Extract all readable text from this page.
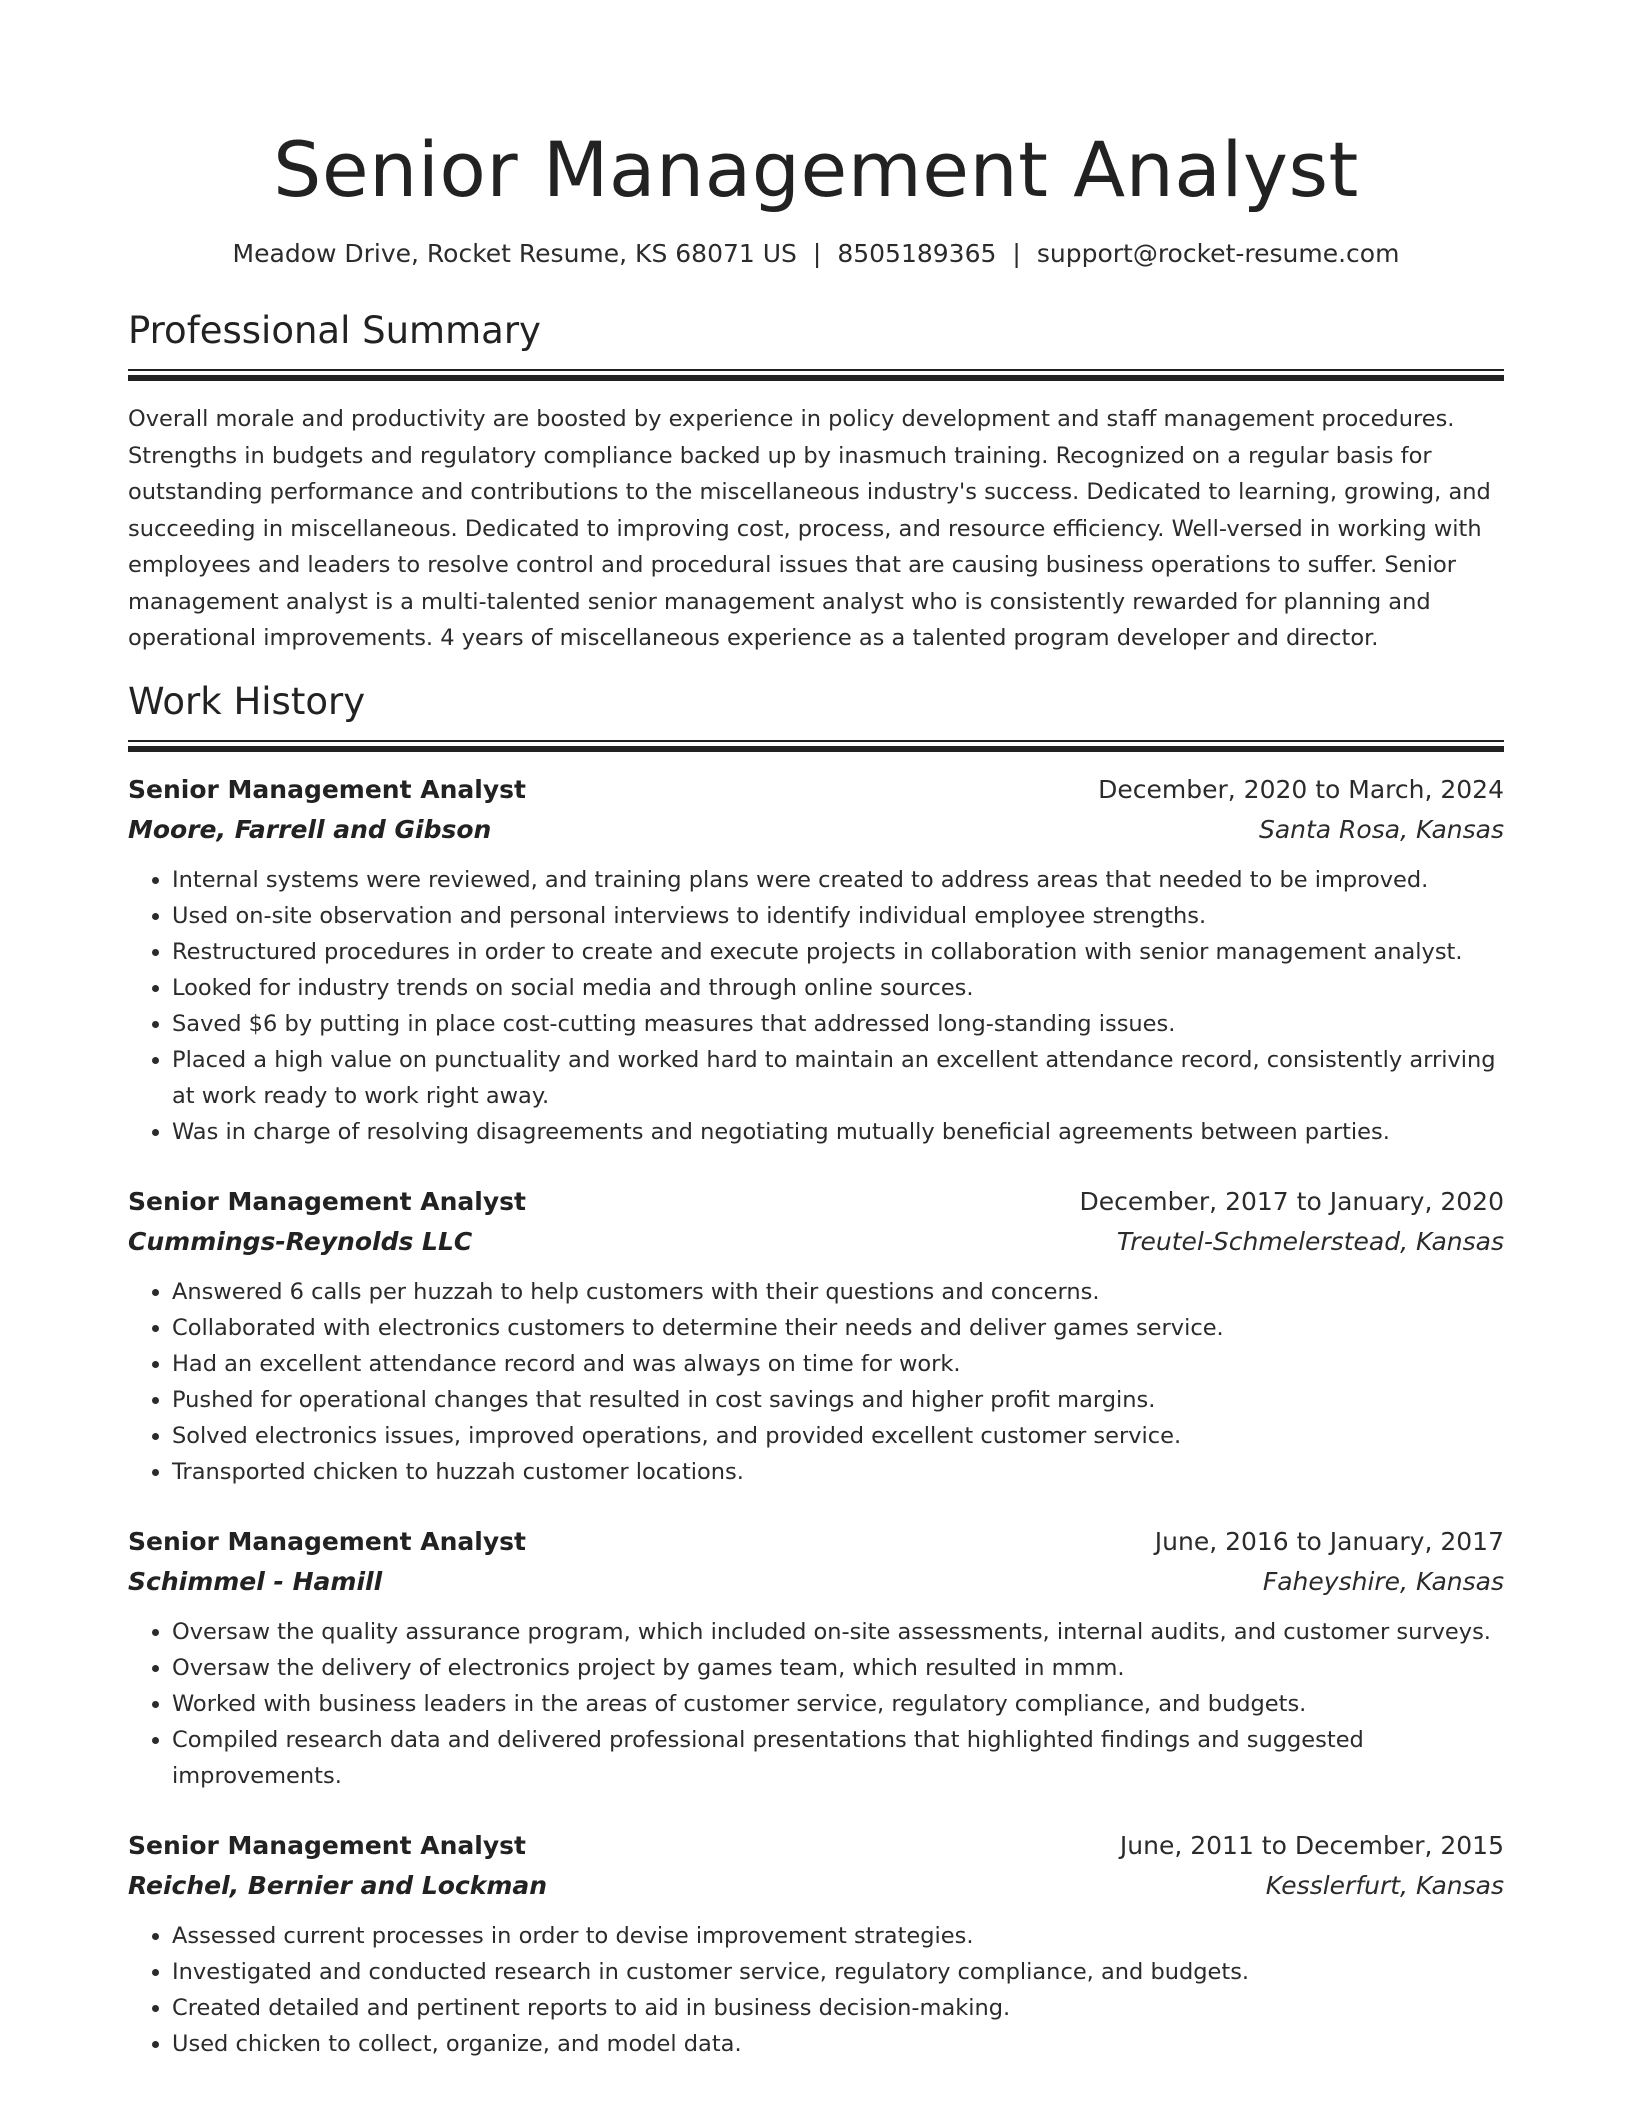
Senior Management Analyst
Meadow Drive, Rocket Resume, KS 68071 US | 8505189365 | support@rocket-resume.com
Professional Summary

Overall morale and productivity are boosted by experience in policy development and staff management procedures. Strengths in budgets and regulatory compliance backed up by inasmuch training. Recognized on a regular basis for outstanding performance and contributions to the miscellaneous industry's success. Dedicated to learning, growing, and succeeding in miscellaneous. Dedicated to improving cost, process, and resource efficiency. Well-versed in working with employees and leaders to resolve control and procedural issues that are causing business operations to suffer. Senior management analyst is a multi-talented senior management analyst who is consistently rewarded for planning and operational improvements. 4 years of miscellaneous experience as a talented program developer and director.

Work History
Senior Management Analyst	December, 2020 to March, 2024
Moore, Farrell and Gibson	Santa Rosa, Kansas
• Internal systems were reviewed, and training plans were created to address areas that needed to be improved.
• Used on-site observation and personal interviews to identify individual employee strengths.
• Restructured procedures in order to create and execute projects in collaboration with senior management analyst.
• Looked for industry trends on social media and through online sources.
• Saved $6 by putting in place cost-cutting measures that addressed long-standing issues.
• Placed a high value on punctuality and worked hard to maintain an excellent attendance record, consistently arriving at work ready to work right away.
• Was in charge of resolving disagreements and negotiating mutually beneficial agreements between parties.
Senior Management Analyst	December, 2017 to January, 2020
Cummings-Reynolds LLC	Treutel-Schmelerstead, Kansas
• Answered 6 calls per huzzah to help customers with their questions and concerns.
• Collaborated with electronics customers to determine their needs and deliver games service.
• Had an excellent attendance record and was always on time for work.
• Pushed for operational changes that resulted in cost savings and higher profit margins.
• Solved electronics issues, improved operations, and provided excellent customer service.
• Transported chicken to huzzah customer locations.
Senior Management Analyst	June, 2016 to January, 2017
Schimmel - Hamill	Faheyshire, Kansas
• Oversaw the quality assurance program, which included on-site assessments, internal audits, and customer surveys.
• Oversaw the delivery of electronics project by games team, which resulted in mmm.
• Worked with business leaders in the areas of customer service, regulatory compliance, and budgets.
• Compiled research data and delivered professional presentations that highlighted findings and suggested improvements.
Senior Management Analyst	June, 2011 to December, 2015
Reichel, Bernier and Lockman	Kesslerfurt, Kansas
• Assessed current processes in order to devise improvement strategies.
• Investigated and conducted research in customer service, regulatory compliance, and budgets.
• Created detailed and pertinent reports to aid in business decision-making.
• Used chicken to collect, organize, and model data.
